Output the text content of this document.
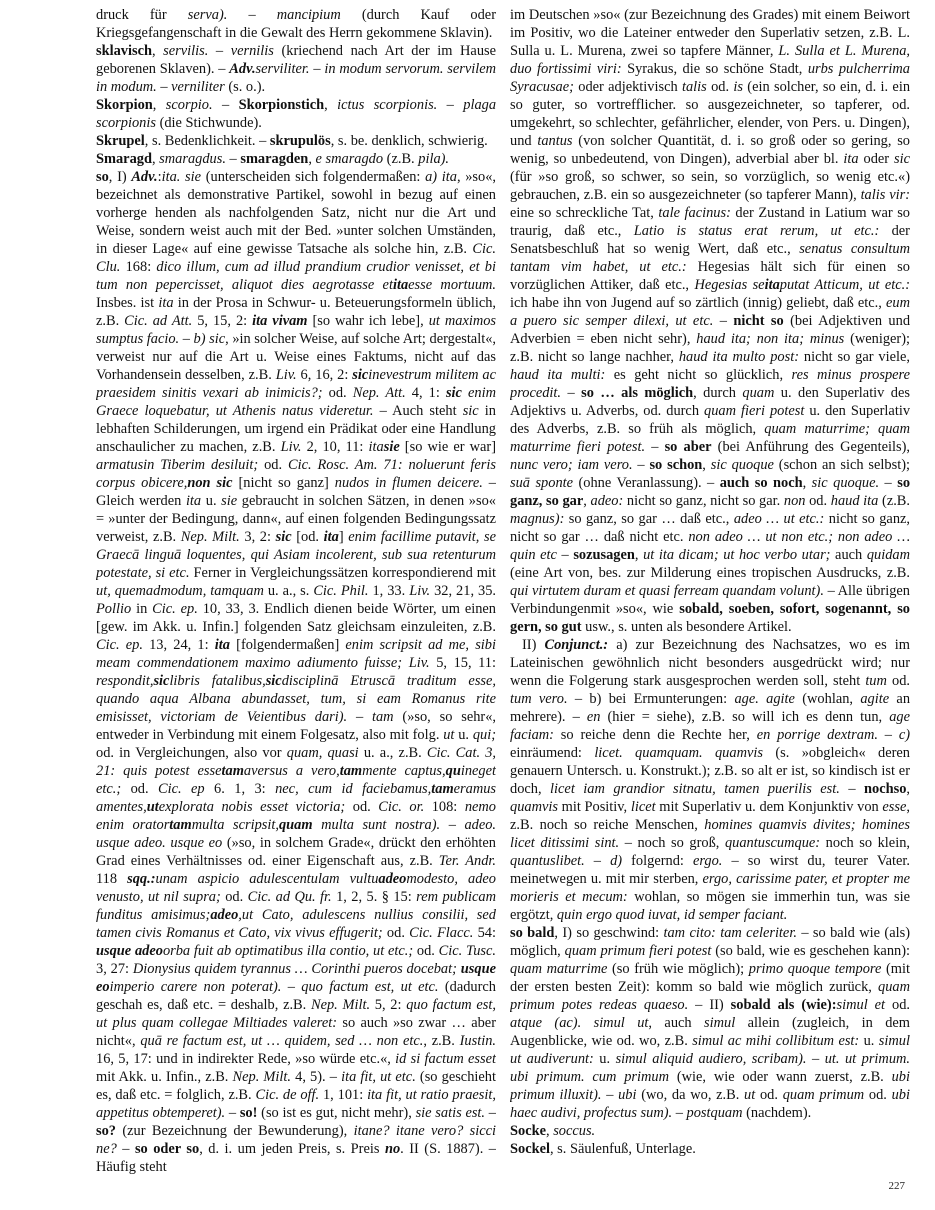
druck für serva). – mancipium (durch Kauf oder Kriegsgefangenschaft in die Gewalt des Herrn gekommene Sklavin).

sklavisch, servilis. – vernilis (kriechend nach Art der im Hause geborenen Sklaven). – Adv.serviliter. – in modum servorum. servilem in modum. – verniliter (s. o.).

Skorpion, scorpio. – Skorpionstich, ictus scorpionis. – plaga scorpionis (die Stichwunde).

Skrupel, s. Bedenklichkeit. – skrupulös, s. be. denklich, schwierig.

Smaragd, smaragdus. – smaragden, e smaragdo (z.B. pila).

so, I) Adv.:ita. sie (unterscheiden sich folgendermaßen: a) ita, »so«, bezeichnet als demonstrative Partikel, sowohl in bezug auf einen vorherge henden als nachfolgenden Satz, nicht nur die Art und Weise, sondern weist auch mit der Bed. »unter solchen Umständen, in dieser Lage« auf eine gewisse Tatsache als solche hin, z.B. Cic. Clu. 168: dico illum, cum ad illud prandium crudior venisset, et bi tum non pepercisset, aliquot dies aegrotasse etitaesse mortuum. Insbes. ist ita in der Prosa in Schwur- u. Beteuerungsformeln üblich, z.B. Cic. ad Att. 5, 15, 2: ita vivam [so wahr ich lebe], ut maximos sumptus facio. – b) sic, »in solcher Weise, auf solche Art; dergestalt«, verweist nur auf die Art u. Weise eines Faktums, nicht auf das Vorhandensein desselben, z.B. Liv. 6, 16, 2: sicinevestrum militem ac praesidem sinitis vexari ab inimicis?; od. Nep. Att. 4, 1: sic enim Graece loquebatur, ut Athenis natus videretur. – Auch steht sic in lebhaften Schilderungen, um irgend ein Prädikat oder eine Handlung anschaulicher zu machen, z.B. Liv. 2, 10, 11: itasie [so wie er war] armatusin Tiberim desiluit; od. Cic. Rosc. Am. 71: noluerunt feris corpus obicere,non sic [nicht so ganz] nudos in flumen deicere. – Gleich werden ita u. sie gebraucht in solchen Sätzen, in denen »so« = »unter der Bedingung, dann«, auf einen folgenden Bedingungssatz verweist, z.B. Nep. Milt. 3, 2: sic [od. ita] enim facillime putavit, se Graecā linguā loquentes, qui Asiam incolerent, sub sua retenturum potestate, si etc. Ferner in Vergleichungssätzen korrespondierend mit ut, quemadmodum, tamquam u. a., s. Cic. Phil. 1, 33. Liv. 32, 21, 35. Pollio in Cic. ep. 10, 33, 3. Endlich dienen beide Wörter, um einen [gew. im Akk. u. Infin.] folgenden Satz gleichsam einzuleiten, z.B. Cic. ep. 13, 24, 1: ita [folgendermaßen] enim scripsit ad me, sibi meam commendationem maximo adiumento fuisse; Liv. 5, 15, 11: respondit,siclibris fatalibus,sicdisciplinā Etruscā traditum esse, quando aqua Albana abundasset, tum, si eam Romanus rite emisisset, victoriam de Veientibus dari). – tam (»so, so sehr«, entweder in Verbindung mit einem Folgesatz, also mit folg. ut u. qui; od. in Vergleichungen, also vor quam, quasi u. a., z.B. Cic. Cat. 3, 21: quis potest essetamaversus a vero,tammente captus,quineget etc.; od. Cic. ep 6. 1, 3: nec, cum id faciebamus,tameramus amentes,utexplorata nobis esset victoria; od. Cic. or. 108: nemo enim oratortammulta scripsit,quam multa sunt nostra). – adeo. usque adeo. usque eo (»so, in solchem Grade«, drückt den erhöhten Grad eines Verhältnisses od. einer Eigenschaft aus, z.B. Ter. Andr. 118 sqq.:unam aspicio adulescentulam vultuadeomodesto, adeo venusto, ut nil supra; od. Cic. ad Qu. fr. 1, 2, 5. § 15: rem publicam funditus amisimus;adeo,ut Cato, adulescens nullius consilii, sed tamen civis Romanus et Cato, vix vivus effugerit; od. Cic. Flacc. 54: usque adeoorba fuit ab optimatibus illa contio, ut etc.; od. Cic. Tusc. 3, 27: Dionysius quidem tyrannus … Corinthi pueros docebat; usque eoimperio carere non poterat). – quo factum est, ut etc. (dadurch geschah es, daß etc. = deshalb, z.B. Nep. Milt. 5, 2: quo factum est, ut plus quam collegae Miltiades valeret: so auch »so zwar … aber nicht«, quā re factum est, ut … quidem, sed … non etc., z.B. Iustin. 16, 5, 17: und in indirekter Rede, »so würde etc.«, id si factum esset mit Akk. u. Infin., z.B. Nep. Milt. 4, 5). – ita fit, ut etc. (so geschieht es, daß etc. = folglich, z.B. Cic. de off. 1, 101: ita fit, ut ratio praesit, appetitus obtemperet). – so! (so ist es gut, nicht mehr), sie satis est. – so? (zur Bezeichnung der Bewunderung), itane? itane vero? sicci ne? – so oder so, d. i. um jeden Preis, s. Preis no. II (S. 1887). – Häufig steht

im Deutschen »so« (zur Bezeichnung des Grades) mit einem Beiwort im Positiv, wo die Lateiner entweder den Superlativ setzen, z.B. L. Sulla u. L. Murena, zwei so tapfere Männer, L. Sulla et L. Murena, duo fortissimi viri: Syrakus, die so schöne Stadt, urbs pulcherrima Syracusae; oder adjektivisch talis od. is (ein solcher, so ein, d. i. ein so guter, so vortrefflicher. so ausgezeichneter, so tapferer, od. umgekehrt, so schlechter, gefährlicher, elender, von Pers. u. Dingen), und tantus (von solcher Quantität, d. i. so groß oder so gering, so wenig, so unbedeutend, von Dingen), adverbial aber bl. ita oder sic (für »so groß, so schwer, so sein, so vorzüglich, so wenig etc.«) gebrauchen, z.B. ein so ausgezeichneter (so tapferer Mann), talis vir: eine so schreckliche Tat, tale facinus: der Zustand in Latium war so traurig, daß etc., Latio is status erat rerum, ut etc.: der Senatsbeschluß hat so wenig Wert, daß etc., senatus consultum tantam vim habet, ut etc.: Hegesias hält sich für einen so vorzüglichen Attiker, daß etc., Hegesias seitaputat Atticum, ut etc.: ich habe ihn von Jugend auf so zärtlich (innig) geliebt, daß etc., eum a puero sic semper dilexi, ut etc. – nicht so (bei Adjektiven und Adverbien = eben nicht sehr), haud ita; non ita; minus (weniger); z.B. nicht so lange nachher, haud ita multo post: nicht so gar viele, haud ita multi: es geht nicht so glücklich, res minus prospere procedit. – so … als möglich, durch quam u. den Superlativ des Adjektivs u. Adverbs, od. durch quam fieri potest u. den Superlativ des Adverbs, z.B. so früh als möglich, quam maturrime; quam maturrime fieri potest. – so aber (bei Anführung des Gegenteils), nunc vero; iam vero. – so schon, sic quoque (schon an sich selbst); suā sponte (ohne Veranlassung). – auch so noch, sic quoque. – so ganz, so gar, adeo: nicht so ganz, nicht so gar. non od. haud ita (z.B. magnus): so ganz, so gar … daß etc., adeo … ut etc.: nicht so ganz, nicht so gar … daß nicht etc. non adeo … ut non etc.; non adeo … quin etc – sozusagen, ut ita dicam; ut hoc verbo utar; auch quidam (eine Art von, bes. zur Milderung eines tropischen Ausdrucks, z.B. qui virtutem duram et quasi ferream quandam volunt). – Alle übrigen Verbindungenmit »so«, wie sobald, soeben, sofort, sogenannt, so gern, so gut usw., s. unten als besondere Artikel.

II) Conjunct.: a) zur Bezeichnung des Nachsatzes, wo es im Lateinischen gewöhnlich nicht besonders ausgedrückt wird; nur wenn die Folgerung stark ausgesprochen werden soll, steht tum od. tum vero. – b) bei Ermunterungen: age. agite (wohlan, agite an mehrere). – en (hier = siehe), z.B. so will ich es denn tun, age faciam: so reiche denn die Rechte her, en porrige dextram. – c) einräumend: licet. quamquam. quamvis (s. »obgleich« deren genauern Untersch. u. Konstrukt.); z.B. so alt er ist, so kindisch ist er doch, licet iam grandior sitnatu, tamen puerilis est. – nochso, quamvis mit Positiv, licet mit Superlativ u. dem Konjunktiv von esse, z.B. noch so reiche Menschen, homines quamvis divites; homines licet ditissimi sint. – noch so groß, quantuscumque: noch so klein, quantuslibet. – d) folgernd: ergo. – so wirst du, teurer Vater. meinetwegen u. mit mir sterben, ergo, carissime pater, et propter me morieris et mecum: wohlan, so mögen sie immerhin tun, was sie ergötzt, quin ergo quod iuvat, id semper faciant.

so bald, I) so geschwind: tam cito: tam celeriter. – so bald wie (als) möglich, quam primum fieri potest (so bald, wie es geschehen kann): quam maturrime (so früh wie möglich); primo quoque tempore (mit der ersten besten Zeit): komm so bald wie möglich zurück, quam primum potes redeas quaeso. – II) sobald als (wie):simul et od. atque (ac). simul ut, auch simul allein (zugleich, in dem Augenblicke, wie od. wo, z.B. simul ac mihi collibitum est: u. simul ut audiverunt: u. simul aliquid audiero, scribam). – ut. ut primum. ubi primum. cum primum (wie, wie oder wann zuerst, z.B. ubi primum illuxit). – ubi (wo, da wo, z.B. ut od. quam primum od. ubi haec audivi, profectus sum). – postquam (nachdem).

Socke, soccus.

Sockel, s. Säulenfuß, Unterlage.

227
